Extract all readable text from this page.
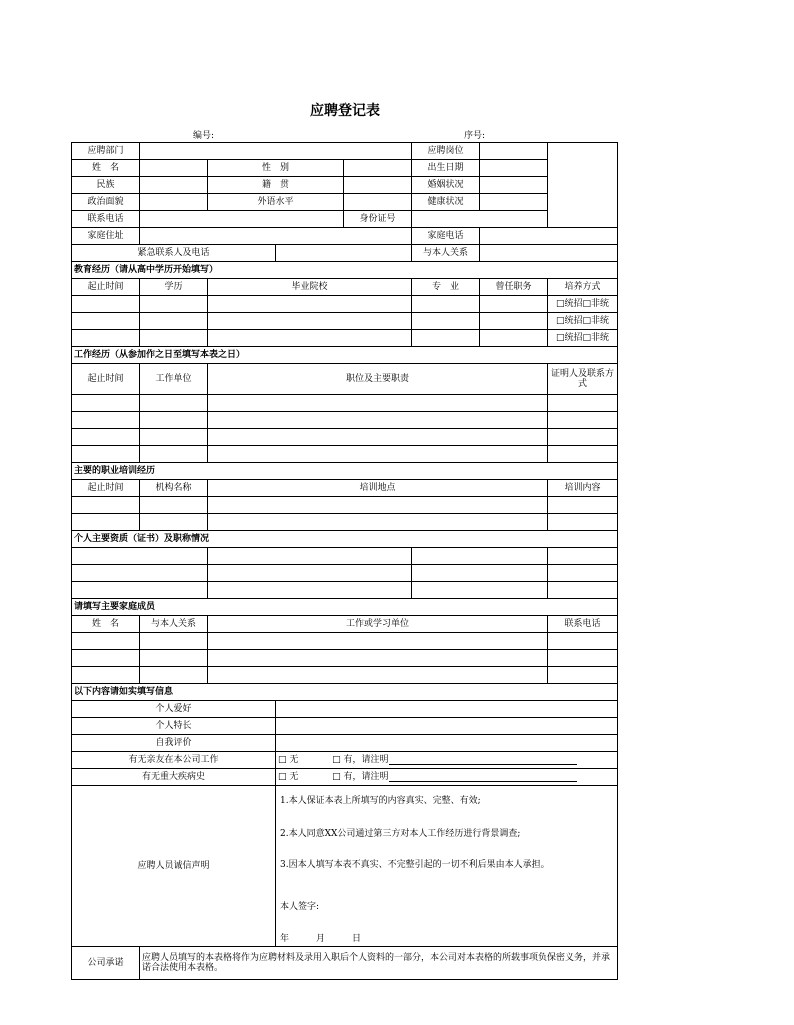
应聘登记表
编号:	序号:
应聘部门					应聘岗位		
姓　名		性　别			出生日期		
民族		籍　贯			婚姻状况		
政治面貌		外语水平			健康状况		
联系电话				身份证号			
家庭住址					家庭电话		
紧急联系人及电话					与本人关系		
教育经历（请从高中学历开始填写）							
起止时间	学历	毕业院校			专　业	曾任职务	培养方式
							□统招□非统
							□统招□非统
							□统招□非统
工作经历（从参加作之日至填写本表之日）							
起止时间	工作单位	职位及主要职责					证明人及联系方式

主要的职业培训经历							
起止时间	机构名称	培训地点					培训内容

个人主要资质（证书）及职称情况							

请填写主要家庭成员							
姓　名	与本人关系	工作或学习单位					联系电话

以下内容请如实填写信息							
个人爱好							
个人特长							
自我评价							
有无亲友在本公司工作			□ 无 □ 有，请注明				
有无重大疾病史			□ 无 □ 有，请注明				
应聘人员诚信声明			1.本人保证本表上所填写的内容真实、完整、有效;
2.本人同意XX公司通过第三方对本人工作经历进行背景调查;
3.因本人填写本表不真实、不完整引起的一切不利后果由本人承担。
本人签字:
年　　　月　　　日				

公司承诺	应聘人员填写的本表格将作为应聘材料及录用入职后个人资料的一部分，本公司对本表格的所载事项负保密义务，并承诺合法使用本表格。						
